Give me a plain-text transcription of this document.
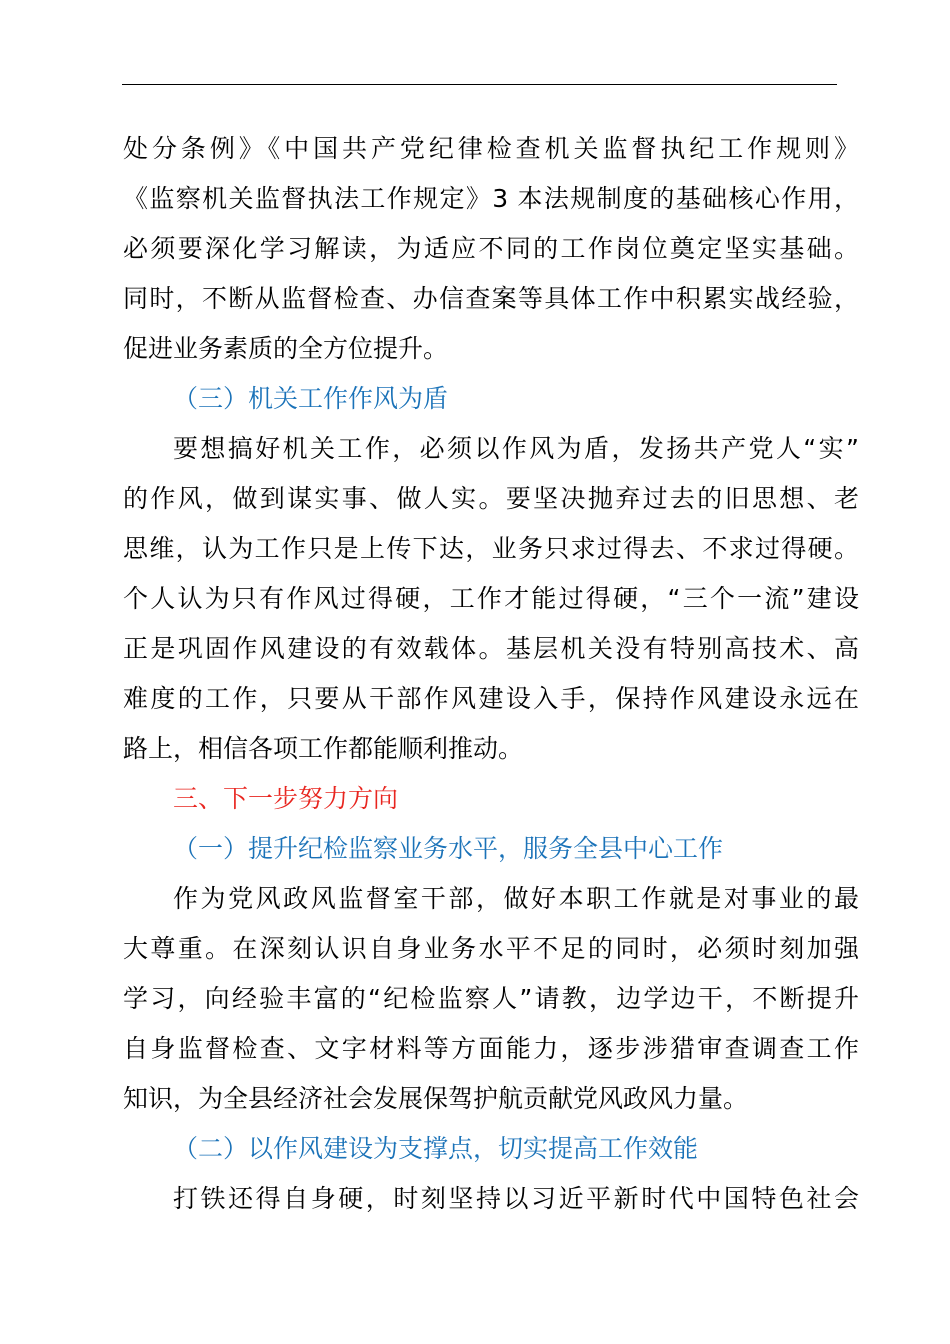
处分条例》《中国共产党纪律检查机关监督执纪工作规则》
《监察机关监督执法工作规定》3 本法规制度的基础核心作用，
必须要深化学习解读，为适应不同的工作岗位奠定坚实基础。
同时，不断从监督检查、办信查案等具体工作中积累实战经验，
促进业务素质的全方位提升。
（三）机关工作作风为盾
要想搞好机关工作，必须以作风为盾，发扬共产党人“实”
的作风，做到谋实事、做人实。要坚决抛弃过去的旧思想、老
思维，认为工作只是上传下达，业务只求过得去、不求过得硬。
个人认为只有作风过得硬，工作才能过得硬，“三个一流”建设
正是巩固作风建设的有效载体。基层机关没有特别高技术、高
难度的工作，只要从干部作风建设入手，保持作风建设永远在
路上，相信各项工作都能顺利推动。
三、下一步努力方向
（一）提升纪检监察业务水平，服务全县中心工作
作为党风政风监督室干部，做好本职工作就是对事业的最
大尊重。在深刻认识自身业务水平不足的同时，必须时刻加强
学习，向经验丰富的“纪检监察人”请教，边学边干，不断提升
自身监督检查、文字材料等方面能力，逐步涉猎审查调查工作
知识，为全县经济社会发展保驾护航贡献党风政风力量。
（二）以作风建设为支撑点，切实提高工作效能
打铁还得自身硬，时刻坚持以习近平新时代中国特色社会
